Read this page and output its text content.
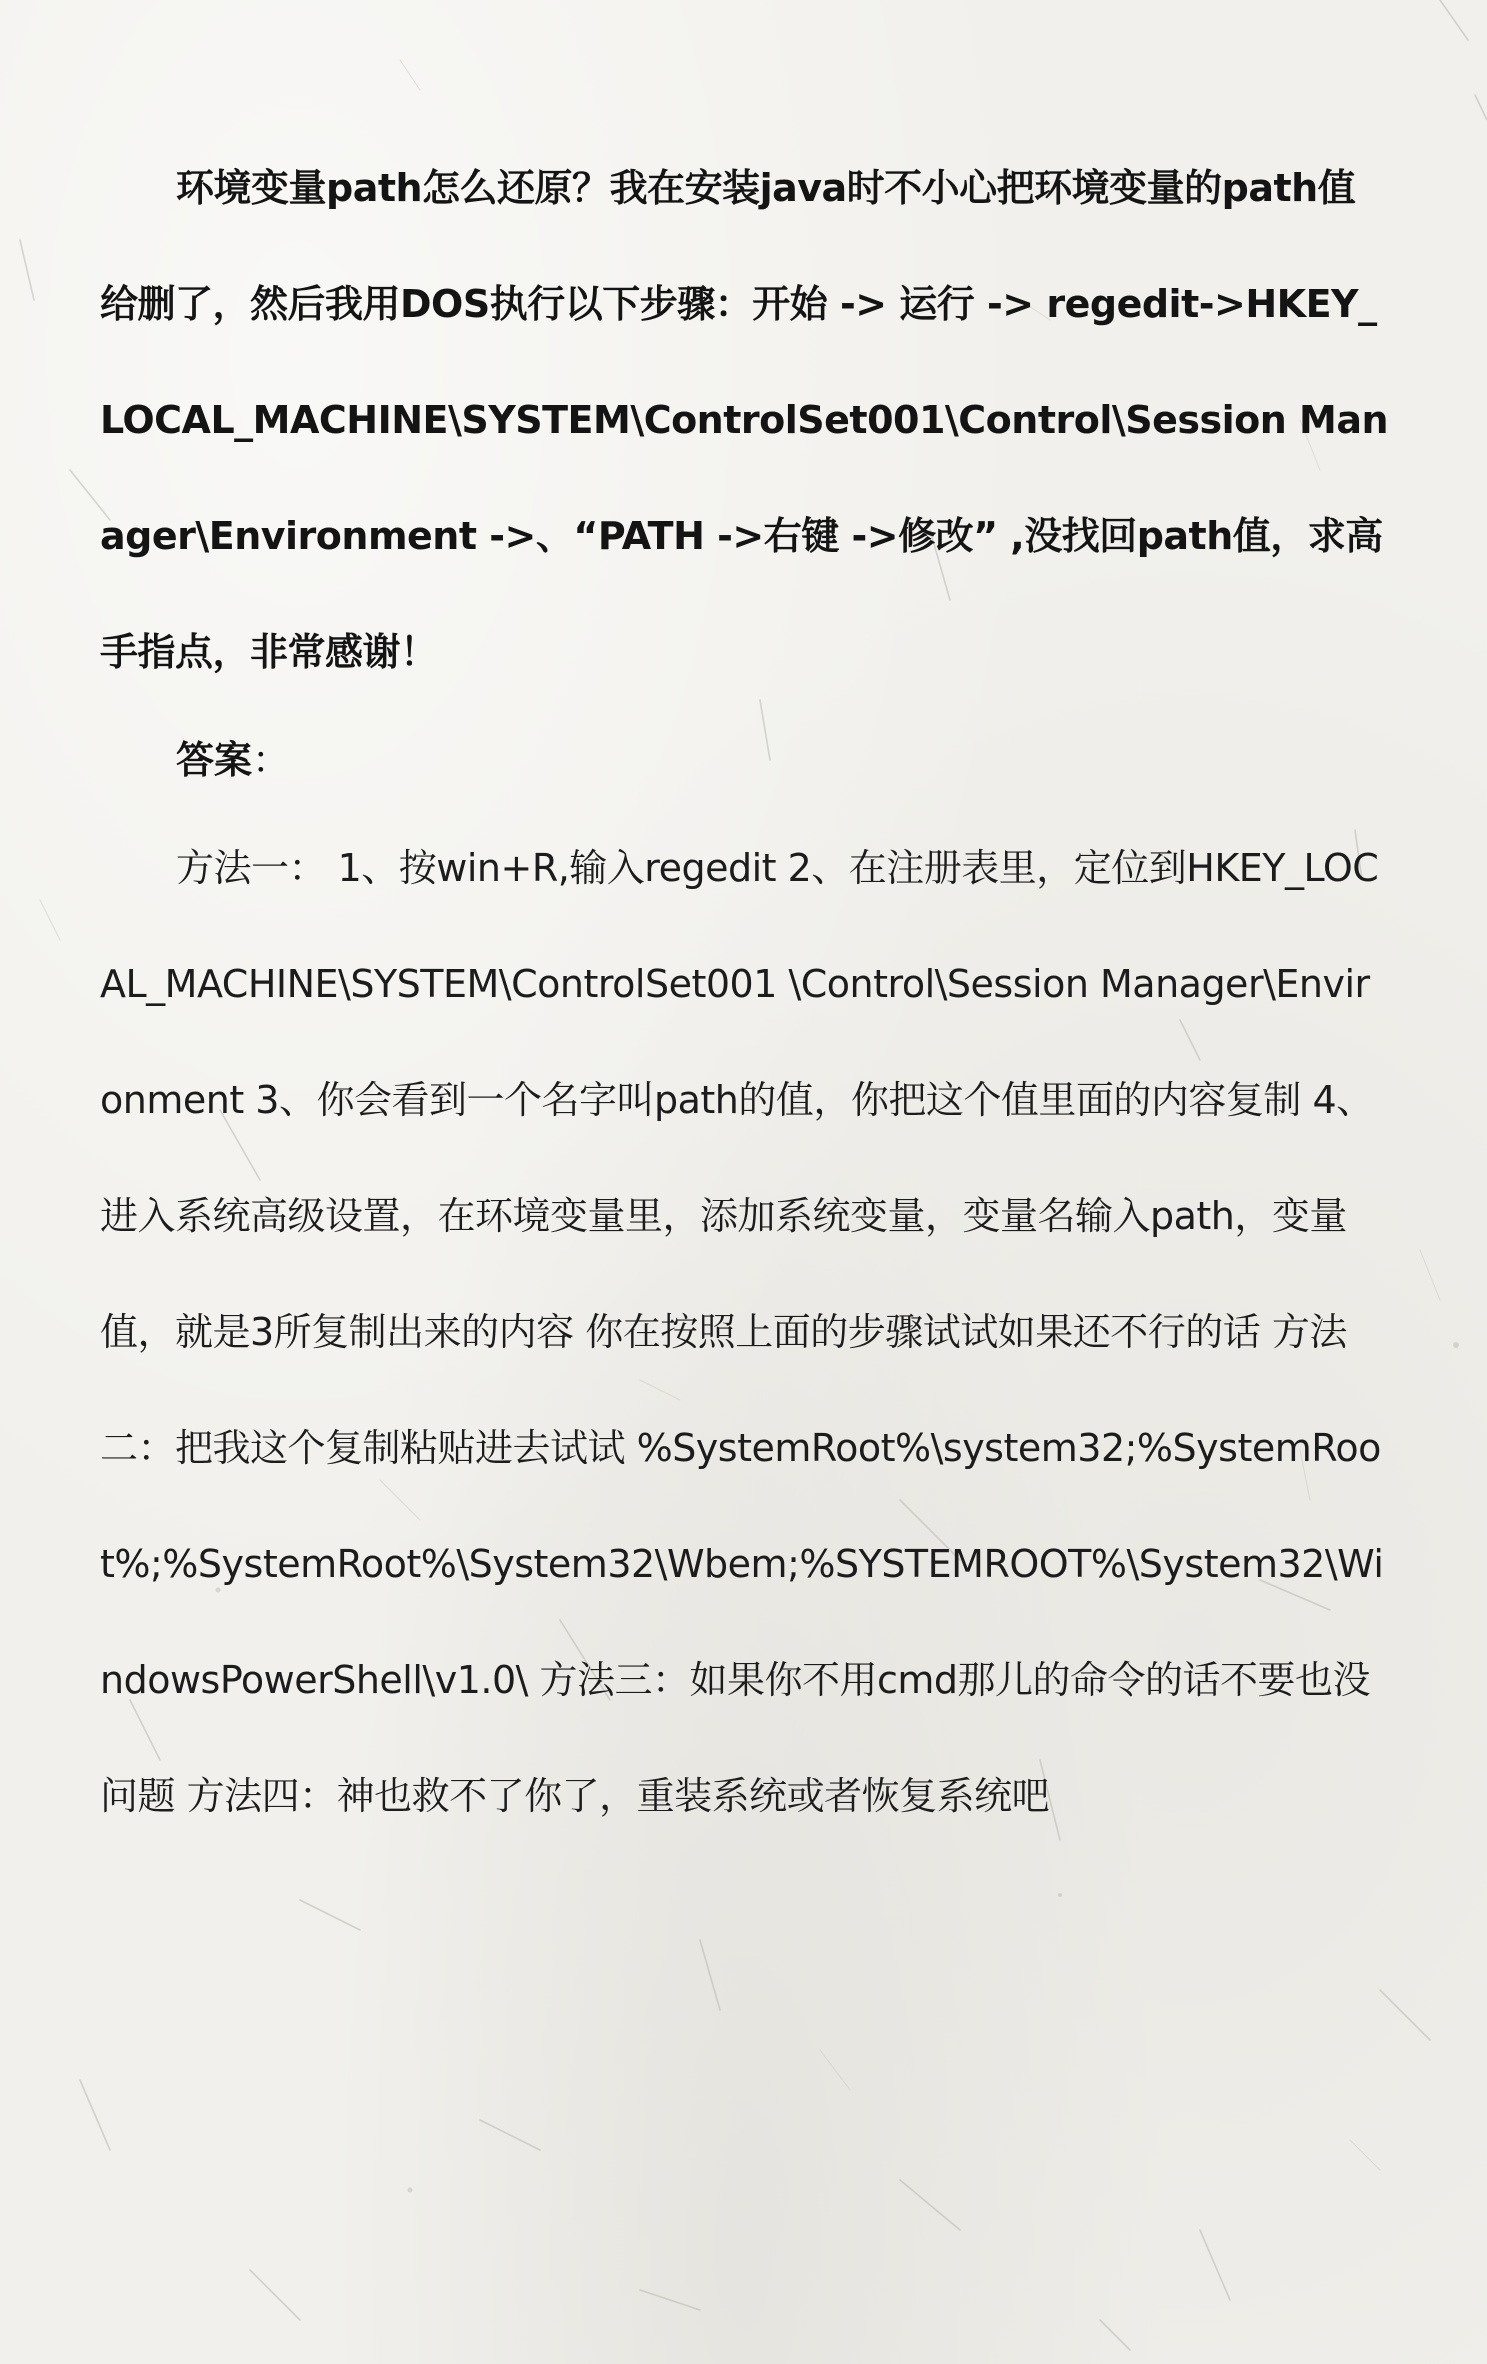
环境变量path怎么还原？我在安装java时不小心把环境变量的path值给删了，然后我用DOS执行以下步骤：开始 -> 运行 -> regedit->HKEY_LOCAL_MACHINE\SYSTEM\ControlSet001\Control\Session Manager\Environment ->、“PATH ->右键 ->修改” ,没找回path值，求高手指点，非常感谢！

答案：

方法一： 1、按win+R,输入regedit 2、在注册表里，定位到HKEY_LOCAL_MACHINE\SYSTEM\ControlSet001 \Control\Session Manager\Environment 3、你会看到一个名字叫path的值，你把这个值里面的内容复制 4、进入系统高级设置，在环境变量里，添加系统变量，变量名输入path，变量值，就是3所复制出来的内容 你在按照上面的步骤试试如果还不行的话 方法二：把我这个复制粘贴进去试试 %SystemRoot%\system32;%SystemRoot%;%SystemRoot%\System32\Wbem;%SYSTEMROOT%\System32\WindowsPowerShell\v1.0\ 方法三：如果你不用cmd那儿的命令的话不要也没问题 方法四：神也救不了你了，重装系统或者恢复系统吧
